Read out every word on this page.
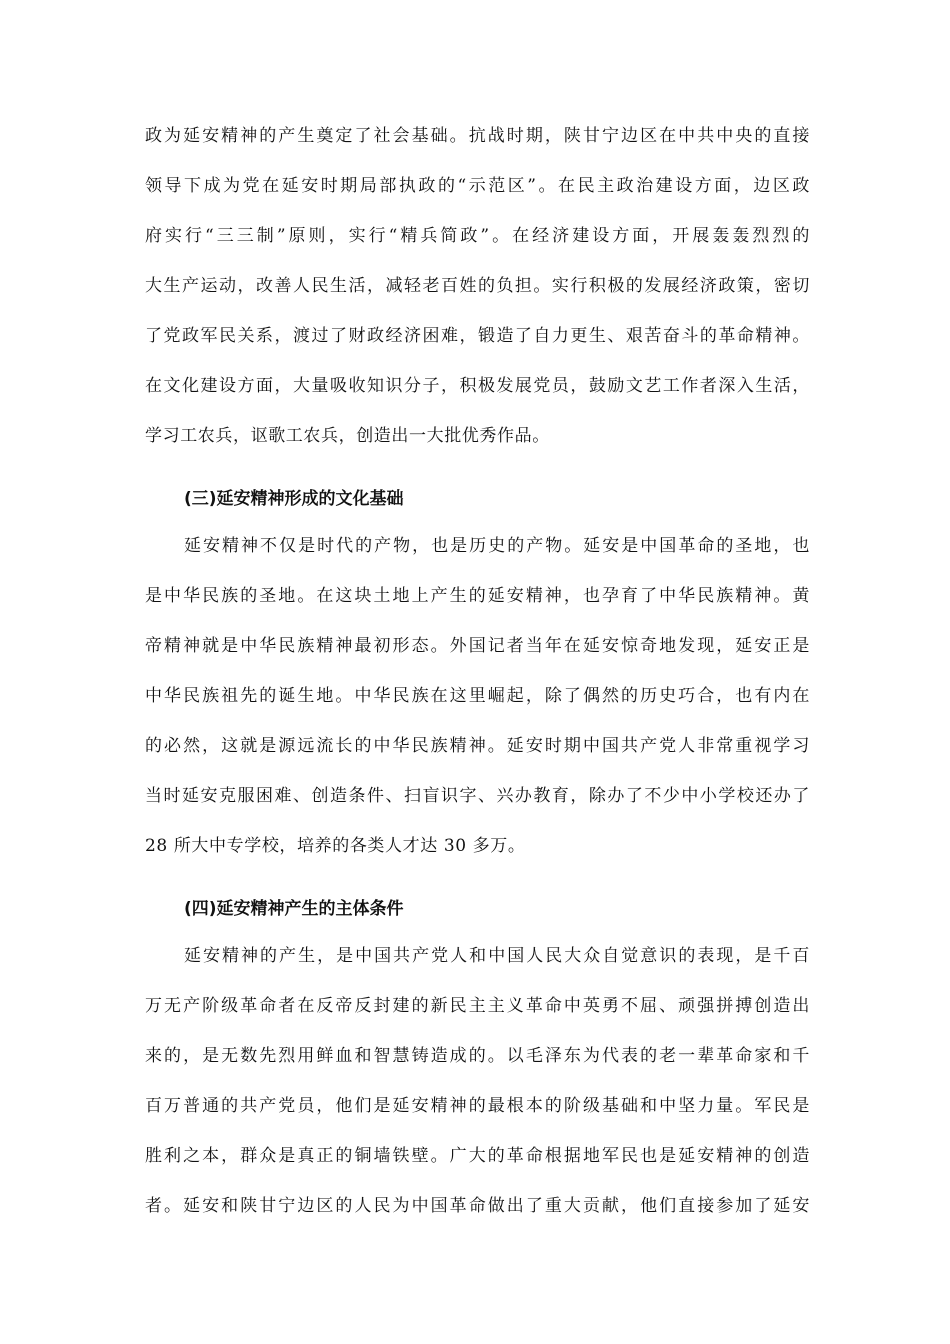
政为延安精神的产生奠定了社会基础。抗战时期，陕甘宁边区在中共中央的直接
领导下成为党在延安时期局部执政的“示范区”。在民主政治建设方面，边区政
府实行“三三制”原则，实行“精兵简政”。在经济建设方面，开展轰轰烈烈的
大生产运动，改善人民生活，减轻老百姓的负担。实行积极的发展经济政策，密切
了党政军民关系，渡过了财政经济困难，锻造了自力更生、艰苦奋斗的革命精神。
在文化建设方面，大量吸收知识分子，积极发展党员，鼓励文艺工作者深入生活，
学习工农兵，讴歌工农兵，创造出一大批优秀作品。
(三)延安精神形成的文化基础
延安精神不仅是时代的产物，也是历史的产物。延安是中国革命的圣地，也
是中华民族的圣地。在这块土地上产生的延安精神，也孕育了中华民族精神。黄
帝精神就是中华民族精神最初形态。外国记者当年在延安惊奇地发现，延安正是
中华民族祖先的诞生地。中华民族在这里崛起，除了偶然的历史巧合，也有内在
的必然，这就是源远流长的中华民族精神。延安时期中国共产党人非常重视学习
当时延安克服困难、创造条件、扫盲识字、兴办教育，除办了不少中小学校还办了
28 所大中专学校，培养的各类人才达 30 多万。
(四)延安精神产生的主体条件
延安精神的产生，是中国共产党人和中国人民大众自觉意识的表现，是千百
万无产阶级革命者在反帝反封建的新民主主义革命中英勇不屈、顽强拼搏创造出
来的，是无数先烈用鲜血和智慧铸造成的。以毛泽东为代表的老一辈革命家和千
百万普通的共产党员，他们是延安精神的最根本的阶级基础和中坚力量。军民是
胜利之本，群众是真正的铜墙铁壁。广大的革命根据地军民也是延安精神的创造
者。延安和陕甘宁边区的人民为中国革命做出了重大贡献，他们直接参加了延安
